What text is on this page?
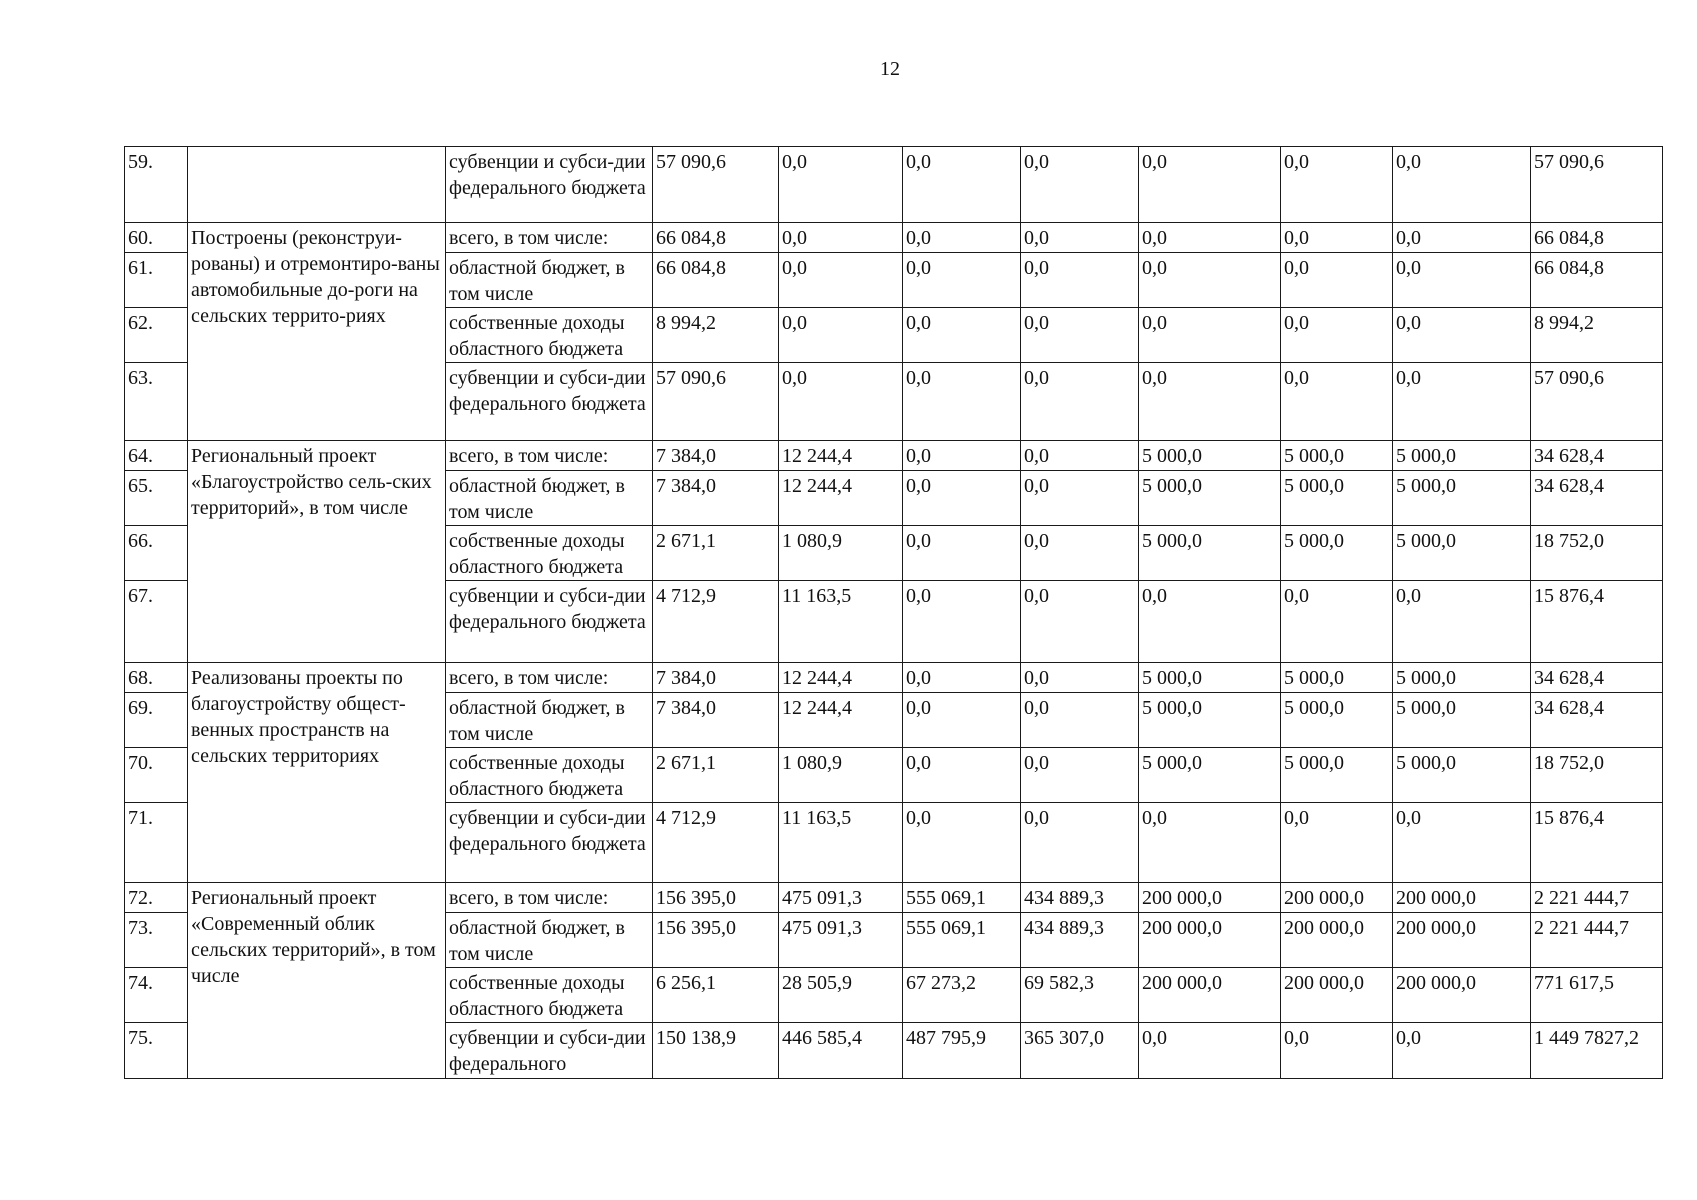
12
59.		субвенции и субси-дии федерального бюджета	57 090,6	0,0	0,0	0,0	0,0	0,0	0,0	57 090,6
60.	Построены (реконструи-рованы) и отремонтиро-ваны автомобильные до-роги на сельских террито-риях	всего, в том числе:	66 084,8	0,0	0,0	0,0	0,0	0,0	0,0	66 084,8
61.		областной бюджет, в том числе	66 084,8	0,0	0,0	0,0	0,0	0,0	0,0	66 084,8
62.		собственные доходы областного бюджета	8 994,2	0,0	0,0	0,0	0,0	0,0	0,0	8 994,2
63.		субвенции и субси-дии федерального бюджета	57 090,6	0,0	0,0	0,0	0,0	0,0	0,0	57 090,6
64.	Региональный проект «Благоустройство сель-ских территорий», в том числе	всего, в том числе:	7 384,0	12 244,4	0,0	0,0	5 000,0	5 000,0	5 000,0	34 628,4
65.		областной бюджет, в том числе	7 384,0	12 244,4	0,0	0,0	5 000,0	5 000,0	5 000,0	34 628,4
66.		собственные доходы областного бюджета	2 671,1	1 080,9	0,0	0,0	5 000,0	5 000,0	5 000,0	18 752,0
67.		субвенции и субси-дии федерального бюджета	4 712,9	11 163,5	0,0	0,0	0,0	0,0	0,0	15 876,4
68.	Реализованы проекты по благоустройству общест-венных пространств на сельских территориях	всего, в том числе:	7 384,0	12 244,4	0,0	0,0	5 000,0	5 000,0	5 000,0	34 628,4
69.		областной бюджет, в том числе	7 384,0	12 244,4	0,0	0,0	5 000,0	5 000,0	5 000,0	34 628,4
70.		собственные доходы областного бюджета	2 671,1	1 080,9	0,0	0,0	5 000,0	5 000,0	5 000,0	18 752,0
71.		субвенции и субси-дии федерального бюджета	4 712,9	11 163,5	0,0	0,0	0,0	0,0	0,0	15 876,4
72.	Региональный проект «Современный облик сельских территорий», в том числе	всего, в том числе:	156 395,0	475 091,3	555 069,1	434 889,3	200 000,0	200 000,0	200 000,0	2 221 444,7
73.		областной бюджет, в том числе	156 395,0	475 091,3	555 069,1	434 889,3	200 000,0	200 000,0	200 000,0	2 221 444,7
74.		собственные доходы областного бюджета	6 256,1	28 505,9	67 273,2	69 582,3	200 000,0	200 000,0	200 000,0	771 617,5
75.		субвенции и субси-дии федерального	150 138,9	446 585,4	487 795,9	365 307,0	0,0	0,0	0,0	1 449 7827,2
